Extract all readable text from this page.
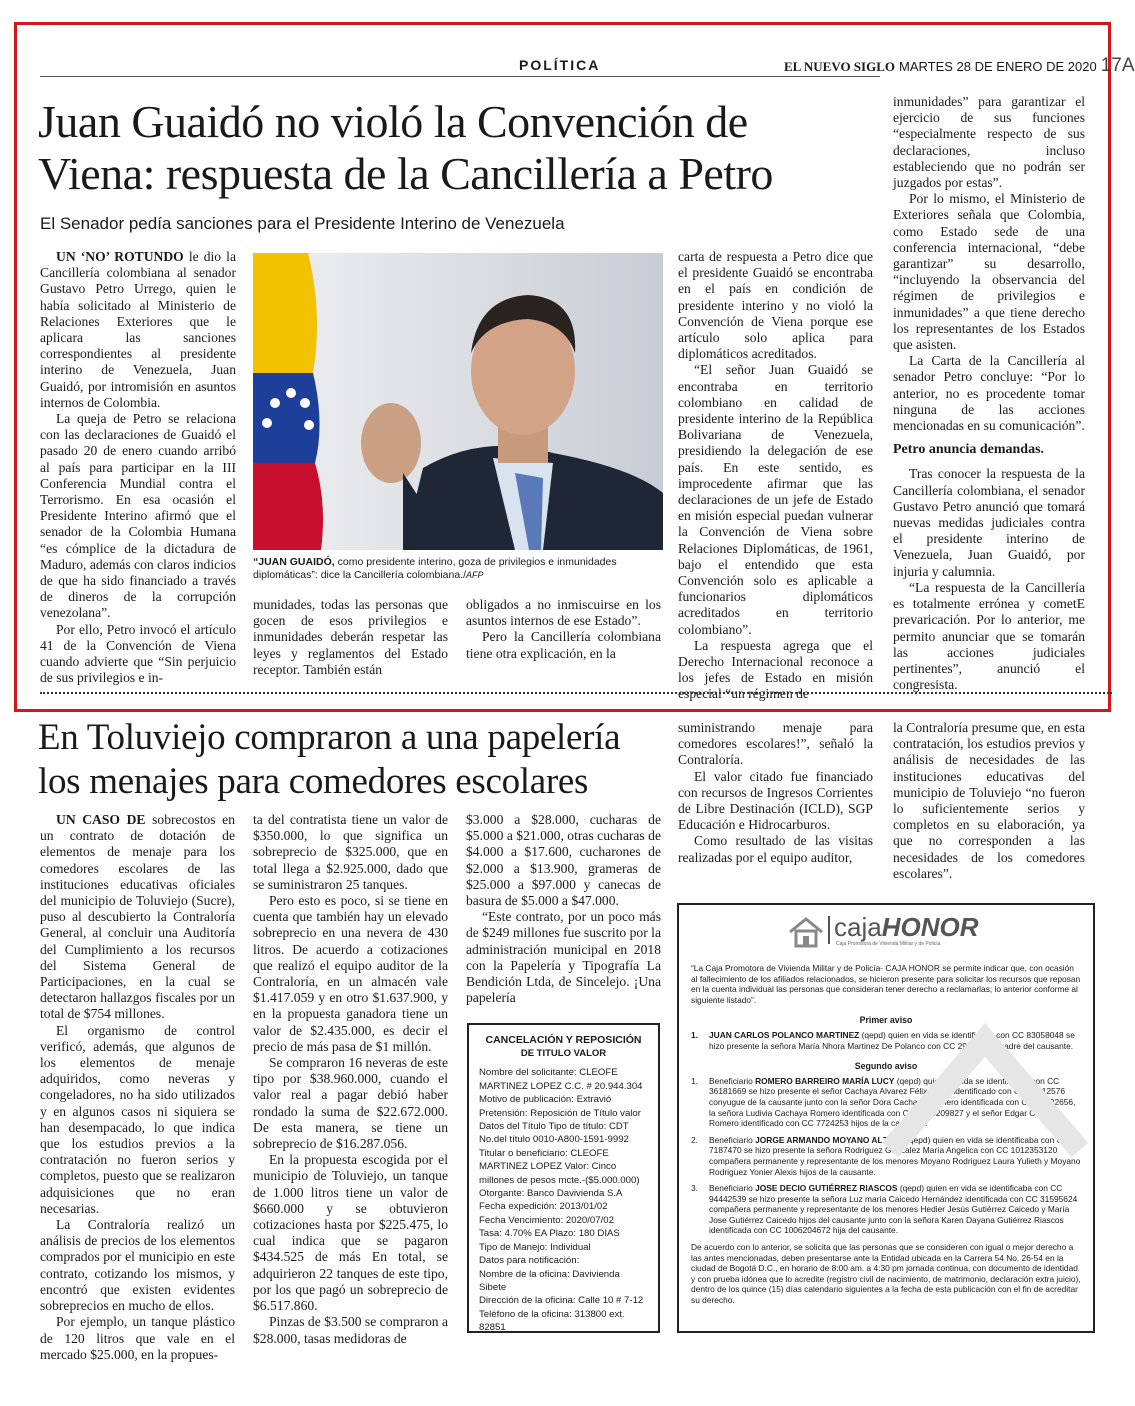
POLÍTICA	EL NUEVO SIGLO MARTES 28 DE ENERO DE 2020 17A
Juan Guaidó no violó la Convención de
Viena: respuesta de la Cancillería a Petro
El Senador pedía sanciones para el Presidente Interino de Venezuela

UN ‘NO’ ROTUNDO le dio la Cancillería colombiana al senador Gustavo Petro Urrego, quien le había solicitado al Ministerio de Relaciones Exteriores que le aplicara las sanciones correspondientes al presidente interino de Venezuela, Juan Guaidó, por intromisión en asuntos internos de Colombia.

La queja de Petro se relaciona con las declaraciones de Guaidó el pasado 20 de enero cuando arribó al país para participar en la III Conferencia Mundial contra el Terrorismo. En esa ocasión el Presidente Interino afirmó que el senador de la Colombia Humana “es cómplice de la dictadura de Maduro, además con claros indicios de que ha sido financiado a través de dineros de la corrupción venezolana”.

Por ello, Petro invocó el artículo 41 de la Convención de Viena cuando advierte que “Sin perjuicio de sus privilegios e in-

“JUAN GUAIDÓ, como presidente interino, goza de privilegios e inmunidades diplomáticas”: dice la Cancillería colombiana./AFP

munidades, todas las personas que gocen de esos privilegios e inmunidades deberán respetar las leyes y reglamentos del Estado receptor. También están

obligados a no inmiscuirse en los asuntos internos de ese Estado”.

Pero la Cancillería colombiana tiene otra explicación, en la

carta de respuesta a Petro dice que el presidente Guaidó se encontraba en el país en condición de presidente interino y no violó la Convención de Viena porque ese artículo solo aplica para diplomáticos acreditados.

“El señor Juan Guaidó se encontraba en territorio colombiano en calidad de presidente interino de la República Bolivariana de Venezuela, presidiendo la delegación de ese país. En este sentido, es improcedente afirmar que las declaraciones de un jefe de Estado en misión especial puedan vulnerar la Convención de Viena sobre Relaciones Diplomáticas, de 1961, bajo el entendido que esta Convención solo es aplicable a funcionarios diplomáticos acreditados en territorio colombiano”.

La respuesta agrega que el Derecho Internacional reconoce a los jefes de Estado en misión especial “un régimen de

inmunidades” para garantizar el ejercicio de sus funciones “especialmente respecto de sus declaraciones, incluso estableciendo que no podrán ser juzgados por estas”.

Por lo mismo, el Ministerio de Exteriores señala que Colombia, como Estado sede de una conferencia internacional, “debe garantizar” su desarrollo, “incluyendo la observancia del régimen de privilegios e inmunidades” a que tiene derecho los representantes de los Estados que asisten.

La Carta de la Cancillería al senador Petro concluye: “Por lo anterior, no es procedente tomar ninguna de las acciones mencionadas en su comunicación”.

Petro anuncia demandas.

Tras conocer la respuesta de la Cancillería colombiana, el senador Gustavo Petro anunció que tomará nuevas medidas judiciales contra el presidente interino de Venezuela, Juan Guaidó, por injuria y calumnia.

“La respuesta de la Cancillería es totalmente errónea y cometE prevaricación. Por lo anterior, me permito anunciar que se tomarán las acciones judiciales pertinentes”, anunció el congresista.

En Toluviejo compraron a una papelería
los menajes para comedores escolares

UN CASO DE sobrecostos en un contrato de dotación de elementos de menaje para los comedores escolares de las instituciones educativas oficiales del municipio de Toluviejo (Sucre), puso al descubierto la Contraloría General, al concluir una Auditoría del Cumplimiento a los recursos del Sistema General de Participaciones, en la cual se detectaron hallazgos fiscales por un total de $754 millones.

El organismo de control verificó, además, que algunos de los elementos de menaje adquiridos, como neveras y congeladores, no ha sido utilizados y en algunos casos ni siquiera se han desempacado, lo que indica que los estudios previos a la contratación no fueron serios y completos, puesto que se realizaron adquisiciones que no eran necesarias.

La Contraloría realizó un análisis de precios de los elementos comprados por el municipio en este contrato, cotizando los mismos, y encontró que existen evidentes sobreprecios en mucho de ellos.

Por ejemplo, un tanque plástico de 120 litros que vale en el mercado $25.000, en la propues-

ta del contratista tiene un valor de $350.000, lo que significa un sobreprecio de $325.000, que en total llega a $2.925.000, dado que se suministraron 25 tanques.

Pero esto es poco, si se tiene en cuenta que también hay un elevado sobreprecio en una nevera de 430 litros. De acuerdo a cotizaciones que realizó el equipo auditor de la Contraloría, en un almacén vale $1.417.059 y en otro $1.637.900, y en la propuesta ganadora tiene un valor de $2.435.000, es decir el precio de más pasa de $1 millón.

Se compraron 16 neveras de este tipo por $38.960.000, cuando el valor real a pagar debió haber rondado la suma de $22.672.000. De esta manera, se tiene un sobreprecio de $16.287.056.

En la propuesta escogida por el municipio de Toluviejo, un tanque de 1.000 litros tiene un valor de $660.000 y se obtuvieron cotizaciones hasta por $225.475, lo cual indica que se pagaron $434.525 de más En total, se adquirieron 22 tanques de este tipo, por los que pagó un sobreprecio de $6.517.860.

Pinzas de $3.500 se compraron a $28.000, tasas medidoras de

$3.000 a $28.000, cucharas de $5.000 a $21.000, otras cucharas de $4.000 a $17.600, cucharones de $2.000 a $13.900, grameras de $25.000 a $97.000 y canecas de basura de $5.000 a $47.000.

“Este contrato, por un poco más de $249 millones fue suscrito por la administración municipal en 2018 con la Papelería y Tipografía La Bendición Ltda, de Sincelejo. ¡Una papelería

suministrando menaje para comedores escolares!”, señaló la Contraloría.

El valor citado fue financiado con recursos de Ingresos Corrientes de Libre Destinación (ICLD), SGP Educación e Hidrocarburos.

Como resultado de las visitas realizadas por el equipo auditor,

la Contraloría presume que, en esta contratación, los estudios previos y análisis de necesidades de las instituciones educativas del municipio de Toluviejo “no fueron lo suficientemente serios y completos en su elaboración, ya que no corresponden a las necesidades de los comedores escolares”.

CANCELACIÓN Y REPOSICIÓN
DE TITULO VALOR
Nombre del solicitante: CLEOFE MARTINEZ LOPEZ C.C. # 20.944.304
Motivo de publicación: Extravió
Pretensión: Reposición de Título valor
Datos del Título Tipo de título: CDT No.del título 0010-A800-1591-9992
Titular o beneficiario: CLEOFE MARTINEZ LOPEZ Valor: Cinco millones de pesos mcte.-($5.000.000)
Otorgante: Banco Davivienda S.A
Fecha expedición: 2013/01/02
Fecha Vencimiento: 2020/07/02
Tasa: 4.70% EA Plazo: 180 DIAS
Tipo de Manejo: Individual
Datos para notificación:
Nombre de la oficina: Davivienda Sibete
Dirección de la oficina: Calle 10 # 7-12
Teléfono de la oficina: 313800 ext. 82851
“La Caja Promotora de Vivienda Militar y de Policía- CAJA HONOR se permite indicar que, con ocasión al fallecimiento de los afiliados relacionados, se hicieron presente para solicitar los recursos que reposan en la cuenta individual las personas que consideran tener derecho a reclamarlas; lo anterior conforme al siguiente listado”.
Primer aviso
1.	JUAN CARLOS POLANCO MARTINEZ (qepd) quien en vida se identificaba con CC 83058048 se hizo presente la señora María Nhora Martinez De Polanco con CC 29538476 madre del causante.
Segundo aviso
1.	Beneficiario ROMERO BARREIRO MARÍA LUCY (qepd) quien en vida se identificaba con CC 36181669 se hizo presente el señor Cachaya Alvarez Félix María identificado con CC 12112576 conyugue de la causante junto con la señor Dora Cachaya Romero identificada con CC 26422656, la señora Ludivia Cachaya Romero identificada con CC 1075209827 y el señor Edgar Cachaya Romero identificado con CC 7724253 hijos de la causante.
2.	Beneficiario JORGE ARMANDO MOYANO ALZATE (qepd) quien en vida se identificaba con CC 7187470 se hizo presente la señora Rodriguez Gonzalez María Angelica con CC 1012353120 compañera permanente y representante de los menores Moyano Rodriguez Laura Yulieth y Moyano Rodriguez Yonier Alexis hijos de la causante.
3.	Beneficiario JOSE DECIO GUTIÉRREZ RIASCOS (qepd) quien en vida se identificaba con CC 94442539 se hizo presente la señora Luz maría Caicedo Hernández identificada con CC 31595624 compañera permanente y representante de los menores Hedier Jesús Gutiérrez Caicedo y María Jose Gutiérrez Caicedo hijos del causante junto con la señora Karen Dayana Gutiérrez Riascos identificada con CC 1006204672 hija del causante.
De acuerdo con lo anterior, se solicita que las personas que se consideren con igual o mejor derecho a las antes mencionadas, deben presentarse ante la Entidad ubicada en la Carrera 54 No. 26-54 en la ciudad de Bogotá D.C., en horario de 8:00 am. a 4:30 pm jornada continua, con documento de identidad y con prueba idónea que lo acredite (registro civil de nacimiento, de matrimonio, declaración extra juicio), dentro de los quince (15) días calendario siguientes a la fecha de esta publicación con el fin de acreditar su derecho.
cajaHONOR
Caja Promotora de Vivienda Militar y de Policía
